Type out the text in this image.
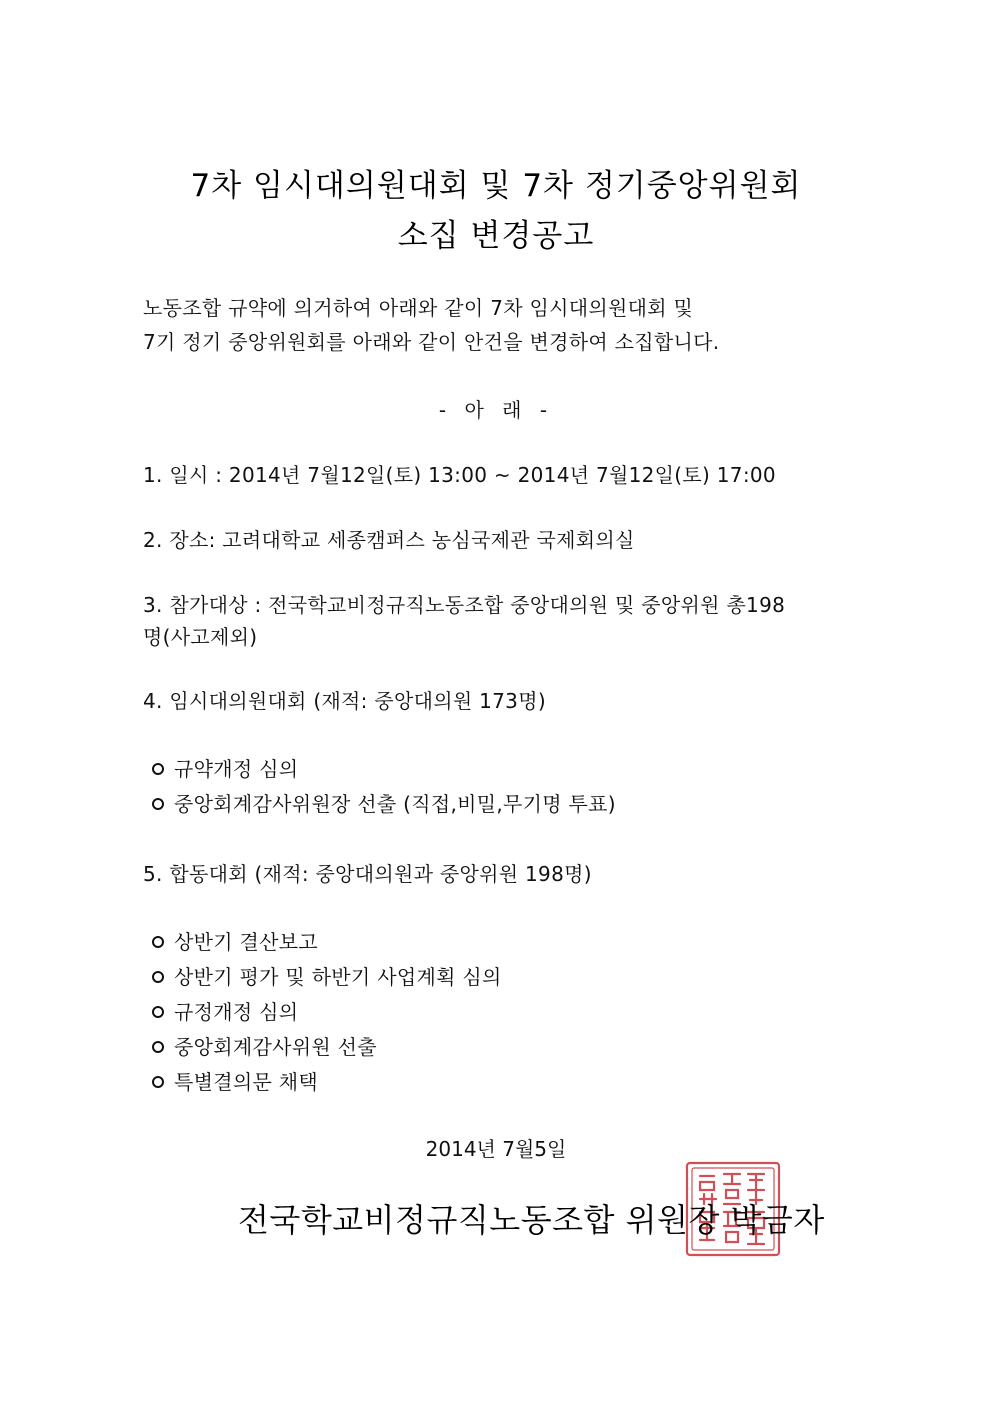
7차 임시대의원대회 및 7차 정기중앙위원회
소집 변경공고
노동조합 규약에 의거하여 아래와 같이 7차 임시대의원대회 및
7기 정기 중앙위원회를 아래와 같이 안건을 변경하여 소집합니다.
- 아 래 -
1. 일시 : 2014년 7월12일(토) 13:00 ~ 2014년 7월12일(토) 17:00
2. 장소: 고려대학교 세종캠퍼스 농심국제관 국제회의실
3. 참가대상 : 전국학교비정규직노동조합 중앙대의원 및 중앙위원 총198
명(사고제외)
4. 임시대의원대회 (재적: 중앙대의원 173명)
규약개정 심의
중앙회계감사위원장 선출 (직접,비밀,무기명 투표)
5. 합동대회 (재적: 중앙대의원과 중앙위원 198명)
상반기 결산보고
상반기 평가 및 하반기 사업계획 심의
규정개정 심의
중앙회계감사위원 선출
특별결의문 채택
2014년 7월5일
전국학교비정규직노동조합 위원장 박금자
